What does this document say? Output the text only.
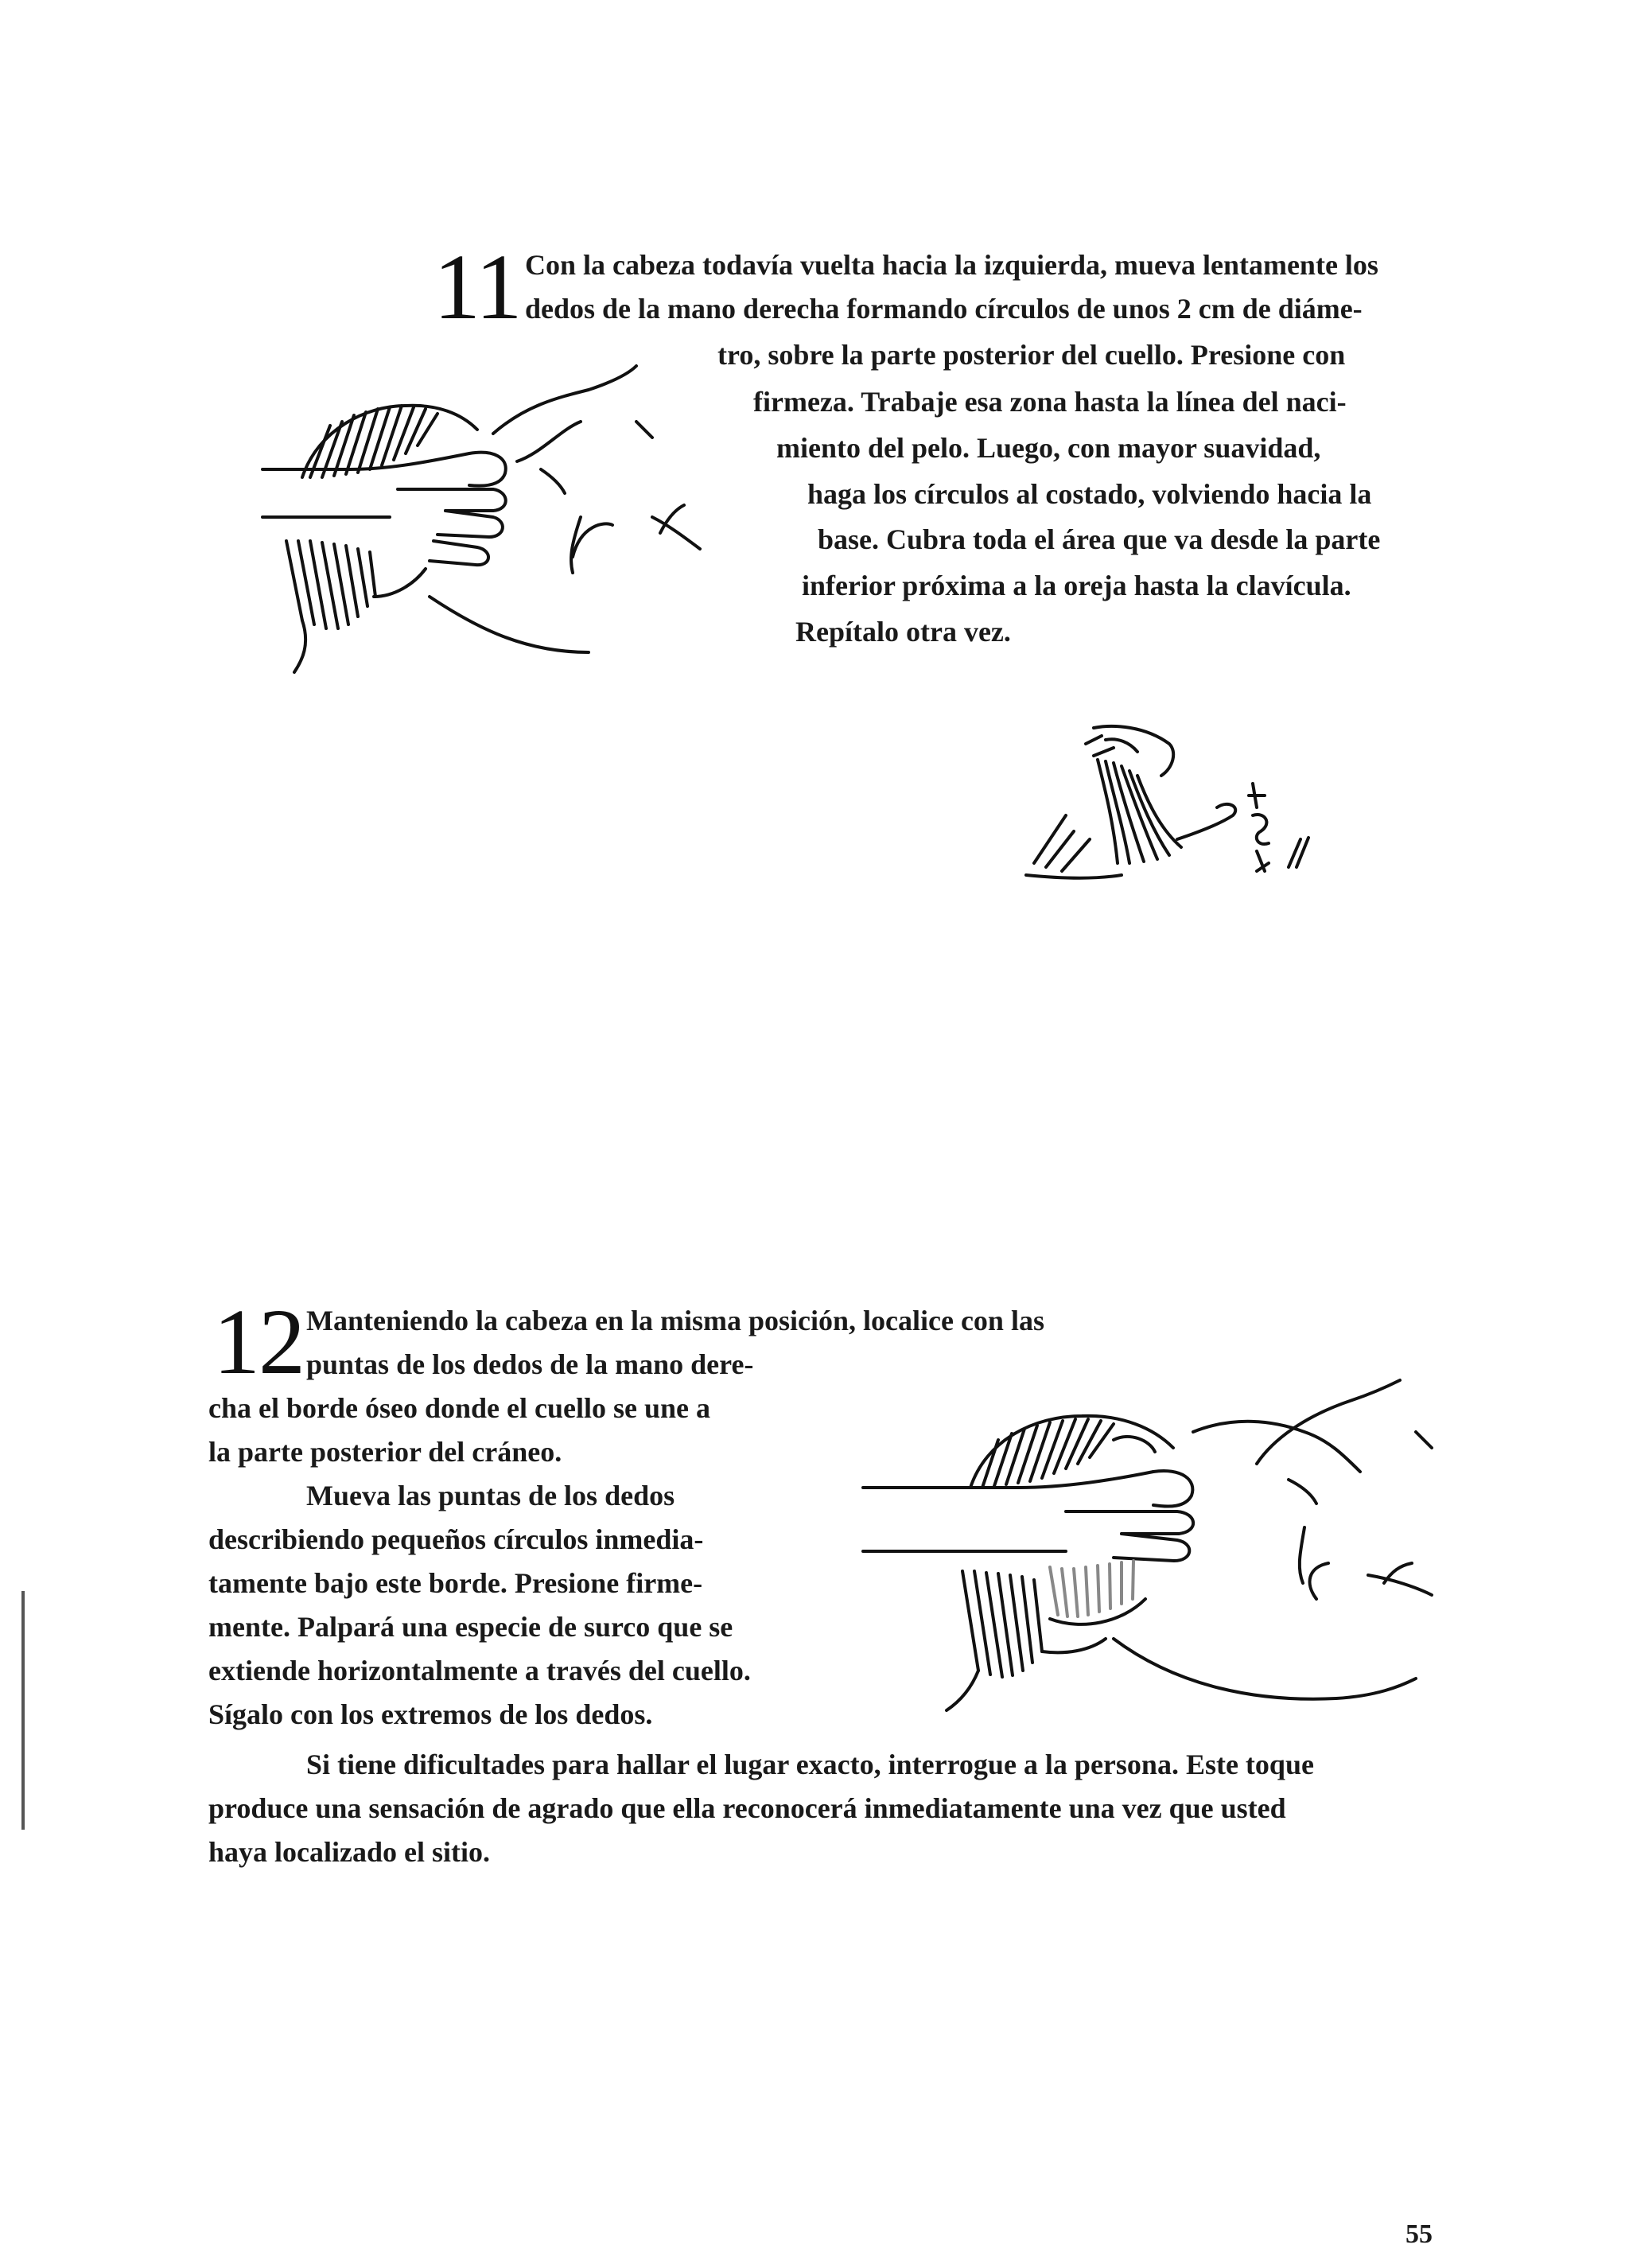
11 Con la cabeza todavía vuelta hacia la izquierda, mueva lentamente los
dedos de la mano derecha formando círculos de unos 2 cm de diáme-
tro, sobre la parte posterior del cuello. Presione con
firmeza. Trabaje esa zona hasta la línea del naci-
miento del pelo. Luego, con mayor suavidad,
haga los círculos al costado, volviendo hacia la
base. Cubra toda el área que va desde la parte
inferior próxima a la oreja hasta la clavícula.
Repítalo otra vez.
12 Manteniendo la cabeza en la misma posición, localice con las
puntas de los dedos de la mano dere-
cha el borde óseo donde el cuello se une a
la parte posterior del cráneo.
Mueva las puntas de los dedos
describiendo pequeños círculos inmedia-
tamente bajo este borde. Presione firme-
mente. Palpará una especie de surco que se
extiende horizontalmente a través del cuello.
Sígalo con los extremos de los dedos.
Si tiene dificultades para hallar el lugar exacto, interrogue a la persona. Este toque
produce una sensación de agrado que ella reconocerá inmediatamente una vez que usted
haya localizado el sitio.
55
